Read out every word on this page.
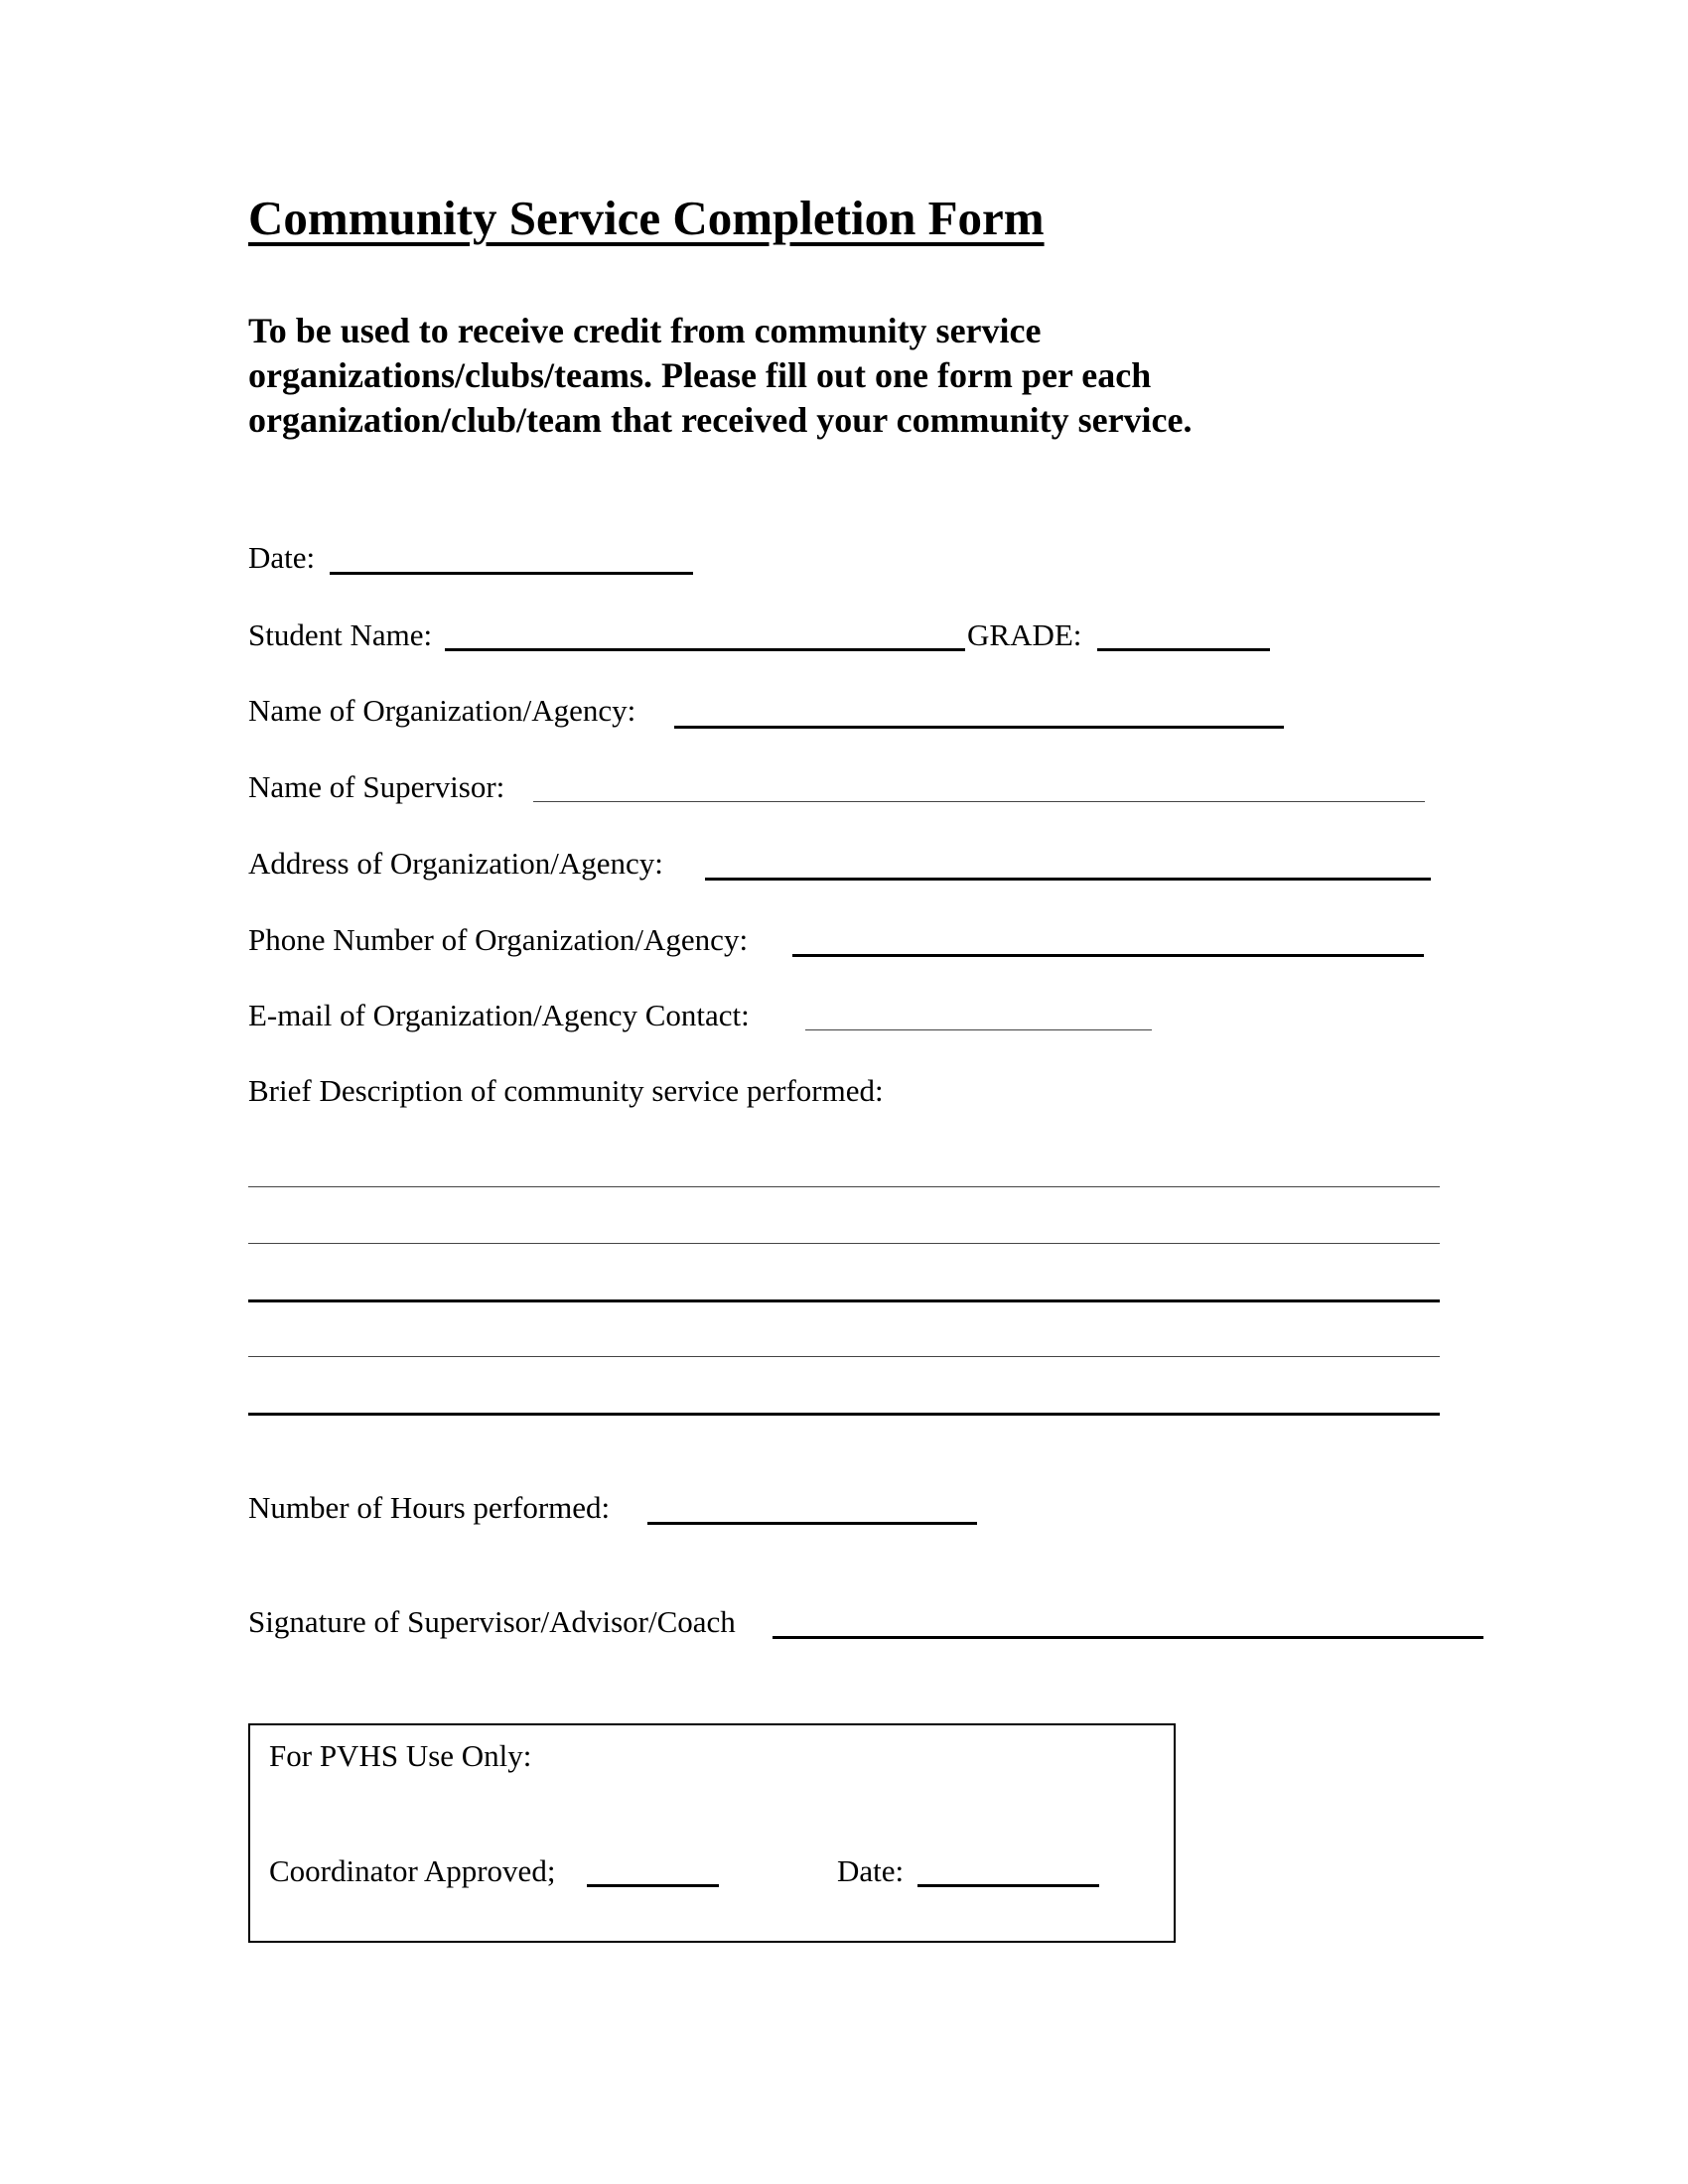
Community Service Completion Form
To be used to receive credit from community service organizations/clubs/teams. Please fill out one form per each organization/club/team that received your community service.
Date:
Student Name:	GRADE:
Name of Organization/Agency:
Name of Supervisor:
Address of Organization/Agency:
Phone Number of Organization/Agency:
E-mail of Organization/Agency Contact:
Brief Description of community service performed:
Number of Hours performed:
Signature of Supervisor/Advisor/Coach
For PVHS Use Only:
Coordinator Approved;	Date:
